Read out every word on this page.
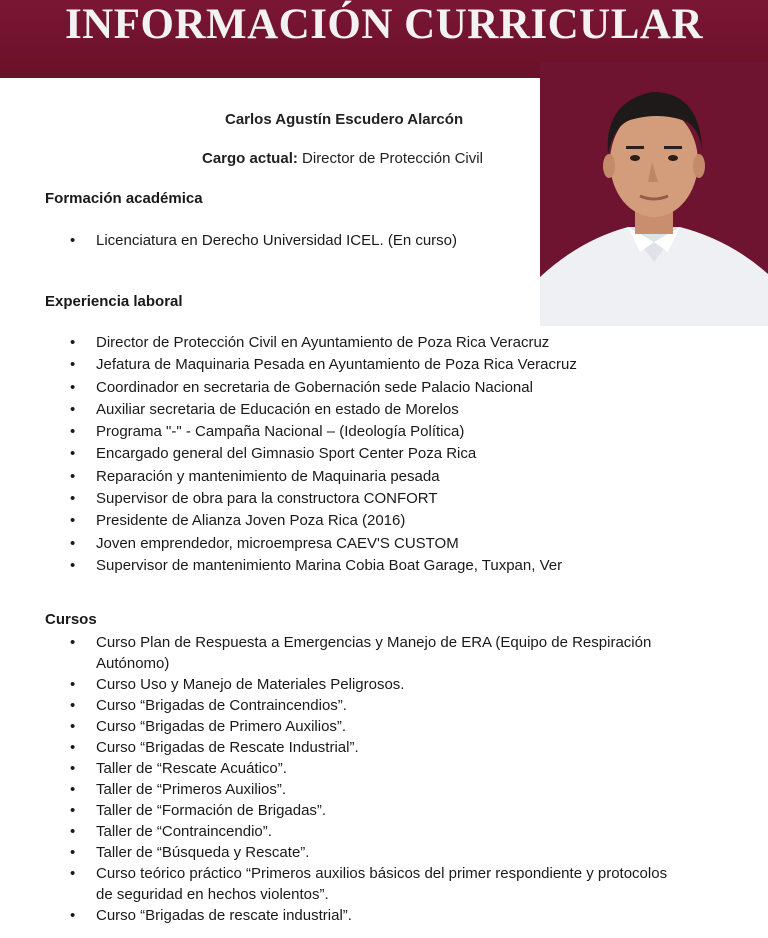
INFORMACIÓN CURRICULAR
Carlos Agustín Escudero Alarcón
Cargo actual: Director de Protección Civil
Formación académica
• Licenciatura en Derecho Universidad ICEL. (En curso)
Experiencia laboral
• Director de Protección Civil en Ayuntamiento de Poza Rica Veracruz
• Jefatura de Maquinaria Pesada en Ayuntamiento de Poza Rica Veracruz
• Coordinador en secretaria de Gobernación sede Palacio Nacional
• Auxiliar secretaria de Educación en estado de Morelos
• Programa "-" - Campaña Nacional – (Ideología Política)
• Encargado general del Gimnasio Sport Center Poza Rica
• Reparación y mantenimiento de Maquinaria pesada
• Supervisor de obra para la constructora CONFORT
• Presidente de Alianza Joven Poza Rica (2016)
• Joven emprendedor, microempresa CAEV'S CUSTOM
• Supervisor de mantenimiento Marina Cobia Boat Garage, Tuxpan, Ver
Cursos
• Curso Plan de Respuesta a Emergencias y Manejo de ERA (Equipo de Respiración Autónomo)
• Curso Uso y Manejo de Materiales Peligrosos.
• Curso “Brigadas de Contraincendios”.
• Curso “Brigadas de Primero Auxilios”.
• Curso “Brigadas de Rescate Industrial”.
• Taller de “Rescate Acuático”.
• Taller de “Primeros Auxilios”.
• Taller de “Formación de Brigadas”.
• Taller de “Contraincendio”.
• Taller de “Búsqueda y Rescate”.
• Curso teórico práctico “Primeros auxilios básicos del primer respondiente y protocolos de seguridad en hechos violentos”.
• Curso “Brigadas de rescate industrial”.
